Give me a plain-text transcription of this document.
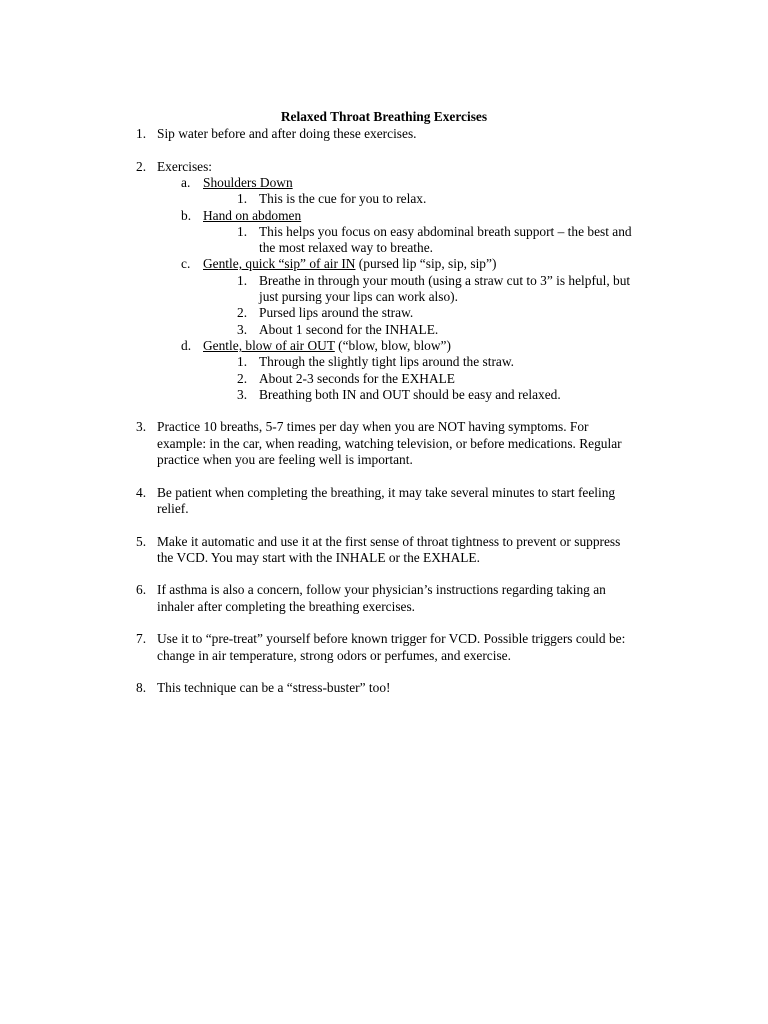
Relaxed Throat Breathing Exercises
1. Sip water before and after doing these exercises.
2. Exercises:
a. Shoulders Down
1. This is the cue for you to relax.
b. Hand on abdomen
1. This helps you focus on easy abdominal breath support – the best and
the most relaxed way to breathe.
c. Gentle, quick “sip” of air IN (pursed lip “sip, sip, sip”)
1. Breathe in through your mouth (using a straw cut to 3” is helpful, but
just pursing your lips can work also).
2. Pursed lips around the straw.
3. About 1 second for the INHALE.
d. Gentle, blow of air OUT (“blow, blow, blow”)
1. Through the slightly tight lips around the straw.
2. About 2-3 seconds for the EXHALE
3. Breathing both IN and OUT should be easy and relaxed.
3. Practice 10 breaths, 5-7 times per day when you are NOT having symptoms. For
example: in the car, when reading, watching television, or before medications. Regular
practice when you are feeling well is important.
4. Be patient when completing the breathing, it may take several minutes to start feeling
relief.
5. Make it automatic and use it at the first sense of throat tightness to prevent or suppress
the VCD. You may start with the INHALE or the EXHALE.
6. If asthma is also a concern, follow your physician’s instructions regarding taking an
inhaler after completing the breathing exercises.
7. Use it to “pre-treat” yourself before known trigger for VCD. Possible triggers could be:
change in air temperature, strong odors or perfumes, and exercise.
8. This technique can be a “stress-buster” too!
